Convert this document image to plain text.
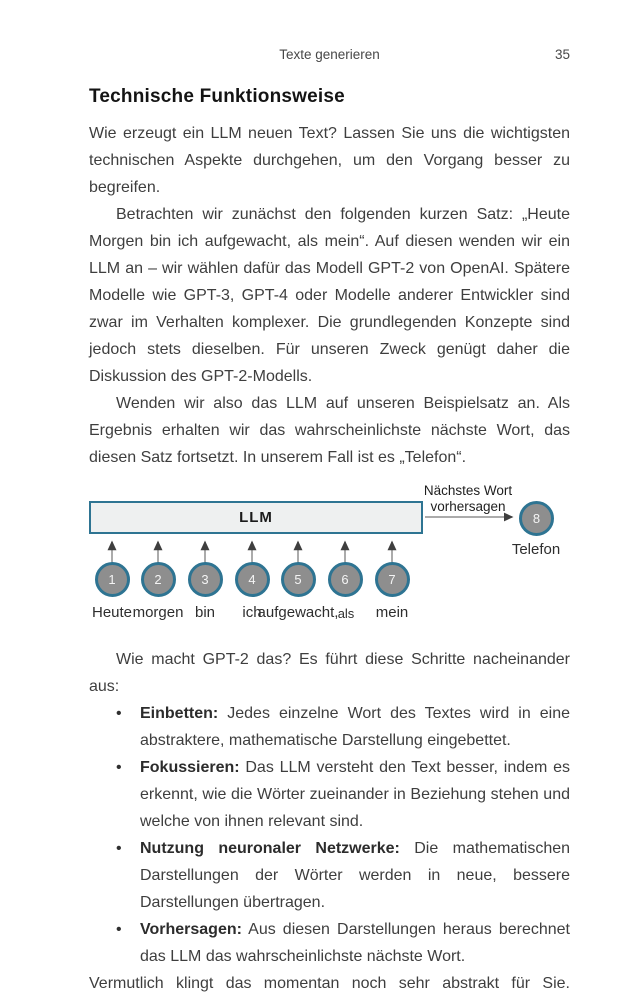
Texte generieren	35
Technische Funktionsweise

Wie erzeugt ein LLM neuen Text? Lassen Sie uns die wichtigsten technischen Aspekte durchgehen, um den Vorgang besser zu begreifen.

Betrachten wir zunächst den folgenden kurzen Satz: „Heute Morgen bin ich aufgewacht, als mein“. Auf diesen wenden wir ein LLM an – wir wählen dafür das Modell GPT-2 von OpenAI. Spätere Modelle wie GPT-3, GPT-4 oder Modelle anderer Entwickler sind zwar im Verhalten komplexer. Die grundlegenden Konzepte sind jedoch stets dieselben. Für unseren Zweck genügt daher die Diskussion des GPT-2-Modells.

Wenden wir also das LLM auf unseren Beispielsatz an. Als Ergebnis erhalten wir das wahrscheinlichste nächste Wort, das diesen Satz fortsetzt. In unserem Fall ist es „Telefon“.

LLM
Nächstes Wort
vorhersagen
1	2	3	4	5	6	7
Heute morgen bin ich
aufgewacht, als mein
8
Telefon

Wie macht GPT-2 das? Es führt diese Schritte nacheinander aus:

• Einbetten: Jedes einzelne Wort des Textes wird in eine abstraktere, mathematische Darstellung eingebettet.
• Fokussieren: Das LLM versteht den Text besser, indem es erkennt, wie die Wörter zueinander in Beziehung stehen und welche von ihnen relevant sind.
• Nutzung neuronaler Netzwerke: Die mathematischen Darstellungen der Wörter werden in neue, bessere Darstellungen übertragen.
• Vorhersagen: Aus diesen Darstellungen heraus berechnet das LLM das wahrscheinlichste nächste Wort.

Vermutlich klingt das momentan noch sehr abstrakt für Sie.
